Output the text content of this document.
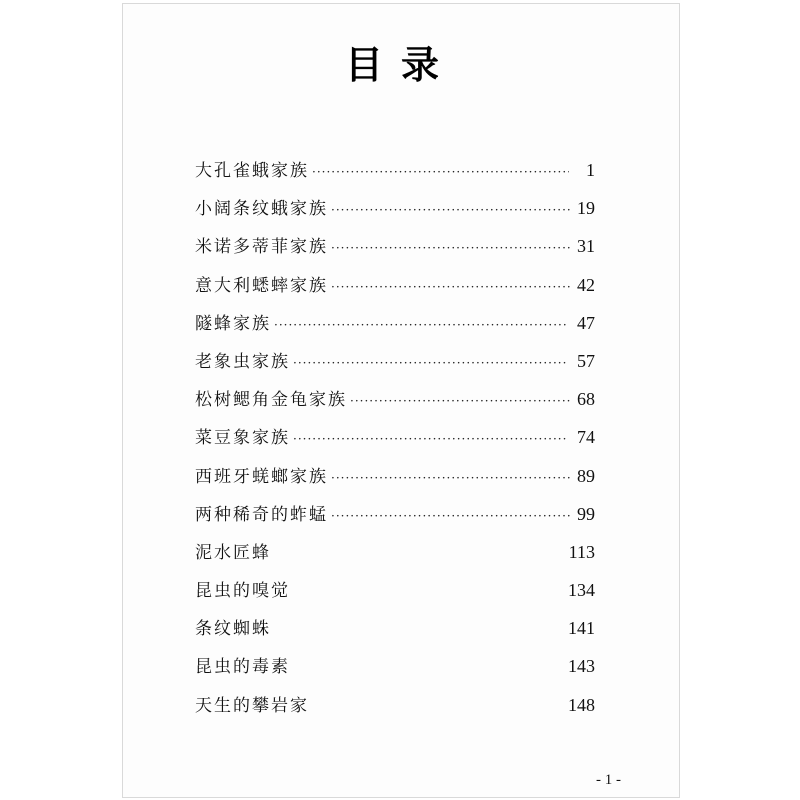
目录
大孔雀蛾家族 ·····	1
小阔条纹蛾家族 ·····	19
米诺多蒂菲家族 ·····	31
意大利蟋蟀家族 ·····	42
隧蜂家族 ·····	47
老象虫家族 ·····	57
松树鳃角金龟家族 ·····	68
菜豆象家族 ·····	74
西班牙蜣螂家族 ·····	89
两种稀奇的蚱蜢 ·····	99
泥水匠蜂	113
昆虫的嗅觉	134
条纹蜘蛛	141
昆虫的毒素	143
天生的攀岩家	148
- 1 -
